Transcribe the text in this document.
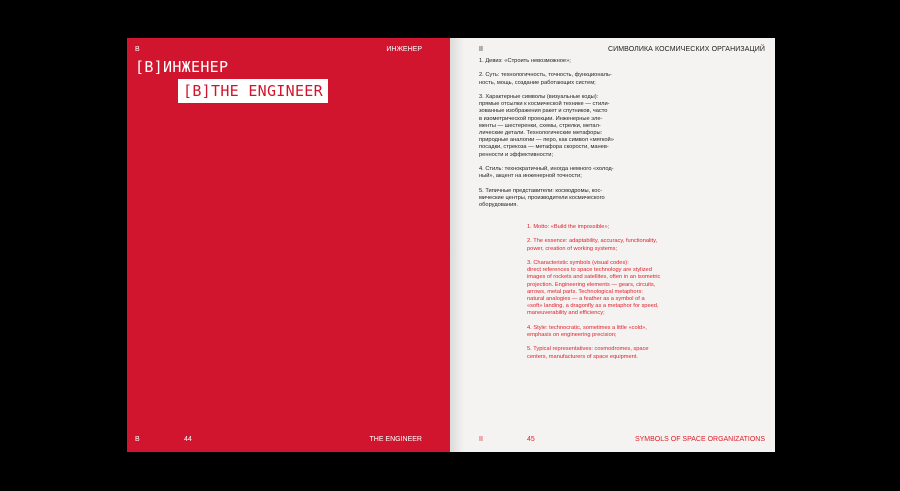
B	ИНЖЕНЕР
[B]ИНЖЕНЕР
[B]THE ENGINEER
B	44	THE ENGINEER
II	СИМВОЛИКА КОСМИЧЕСКИХ ОРГАНИЗАЦИЙ

1. Девиз: «Строить невозможное»;

2. Суть: технологичность, точность, функциональ-
ность, мощь, создание работающих систем;

3. Характерные символы (визуальные коды):
прямые отсылки к космической технике — стили-
зованные изображения ракет и спутников, часто
в изометрической проекции. Инженерные эле-
менты — шестеренки, схемы, стрелки, метал-
лические детали. Технологические метафоры:
природные аналогии — перо, как символ «мягкой»
посадки, стрекоза — метафора скорости, манев-
ренности и эффективности;

4. Стиль: технократичный, иногда немного «холод-
ный», акцент на инженерной точности;

5. Типичные представители: космодромы, кос-
мические центры, производители космического
оборудования.

1. Motto: «Build the impossible»;

2. The essence: adaptability, accuracy, functionality,
power, creation of working systems;

3. Characteristic symbols (visual codes):
direct references to space technology are stylized
images of rockets and satellites, often in an isometric
projection. Engineering elements — gears, circuits,
arrows, metal parts. Technological metaphors:
natural analogies — a feather as a symbol of a
«soft» landing, a dragonfly as a metaphor for speed,
maneuverability and efficiency;

4. Style: technocratic, sometimes a little «cold»,
emphasis on engineering precision;

5. Typical representatives: cosmodromes, space
centers, manufacturers of space equipment.

II	45	SYMBOLS OF SPACE ORGANIZATIONS
